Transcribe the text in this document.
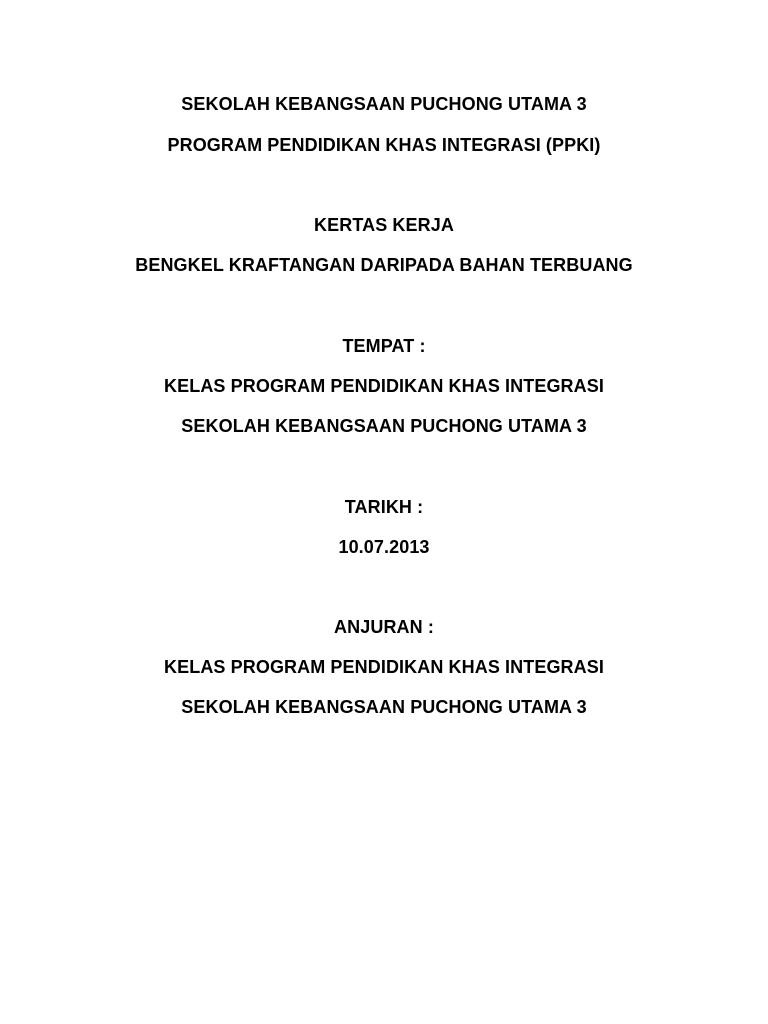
SEKOLAH KEBANGSAAN PUCHONG UTAMA 3
PROGRAM PENDIDIKAN KHAS INTEGRASI (PPKI)
KERTAS KERJA
BENGKEL KRAFTANGAN DARIPADA BAHAN TERBUANG
TEMPAT :
KELAS PROGRAM PENDIDIKAN KHAS INTEGRASI
SEKOLAH KEBANGSAAN PUCHONG UTAMA 3
TARIKH :
10.07.2013
ANJURAN :
KELAS PROGRAM PENDIDIKAN KHAS INTEGRASI
SEKOLAH KEBANGSAAN PUCHONG UTAMA 3
